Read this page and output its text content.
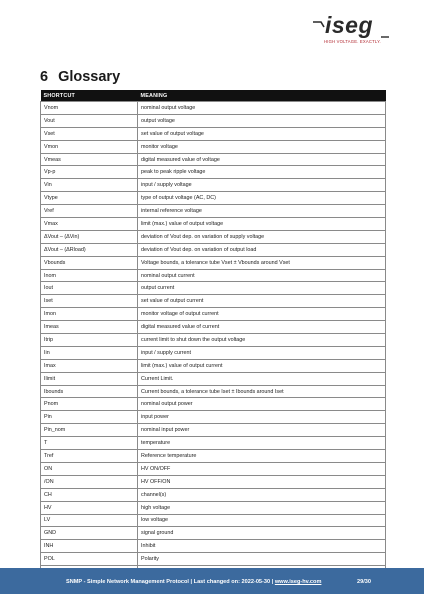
iseg
HIGH VOLTAGE. EXACTLY.
6 Glossary
SHORTCUT	MEANING
Vnom	nominal output voltage
Vout	output voltage
Vset	set value of output voltage
Vmon	monitor voltage
Vmeas	digital measured value of voltage
Vp-p	peak to peak ripple voltage
Vin	input / supply voltage
Vtype	type of output voltage (AC, DC)
Vref	internal reference voltage
Vmax	limit (max.) value of output voltage
ΔVout – (ΔVin)	deviation of Vout dep. on variation of supply voltage
ΔVout – (ΔRload)	deviation of Vout dep. on variation of output load
Vbounds	Voltage bounds, a tolerance tube Vset ± Vbounds around Vset
Inom	nominal output current
Iout	output current
Iset	set value of output current
Imon	monitor voltage of output current
Imeas	digital measured value of current
Itrip	current limit to shut down the output voltage
Iin	input / supply current
Imax	limit (max.) value of output current
Ilimit	Current Limit.
Ibounds	Current bounds, a tolerance tube Iset ± Ibounds around Iset
Pnom	nominal output power
Pin	input power
Pin_nom	nominal input power
T	temperature
Tref	Reference temperature
ON	HV ON/OFF
/ON	HV OFF/ON
CH	channel(s)
HV	high voltage
LV	low voltage
GND	signal ground
INH	Inhibit
POL	Polarity

SNMP - Simple Network Management Protocol | Last changed on: 2022-05-30 | www.iseg-hv.com	29/30
